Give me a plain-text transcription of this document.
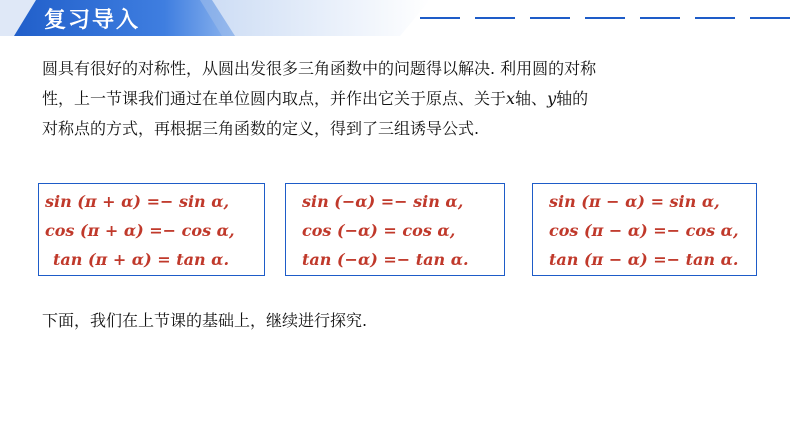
复习导入
圆具有很好的对称性，从圆出发很多三角函数中的问题得以解决. 利用圆的对称
性，上一节课我们通过在单位圆内取点，并作出它关于原点、关于x轴、y轴的
对称点的方式，再根据三角函数的定义，得到了三组诱导公式.
sin (π + α) =− sin α,
cos (π + α) =− cos α,
tan (π + α) = tan α.
sin (−α) =− sin α,
cos (−α) = cos α,
tan (−α) =− tan α.
sin (π − α) = sin α,
cos (π − α) =− cos α,
tan (π − α) =− tan α.
下面，我们在上节课的基础上，继续进行探究.
